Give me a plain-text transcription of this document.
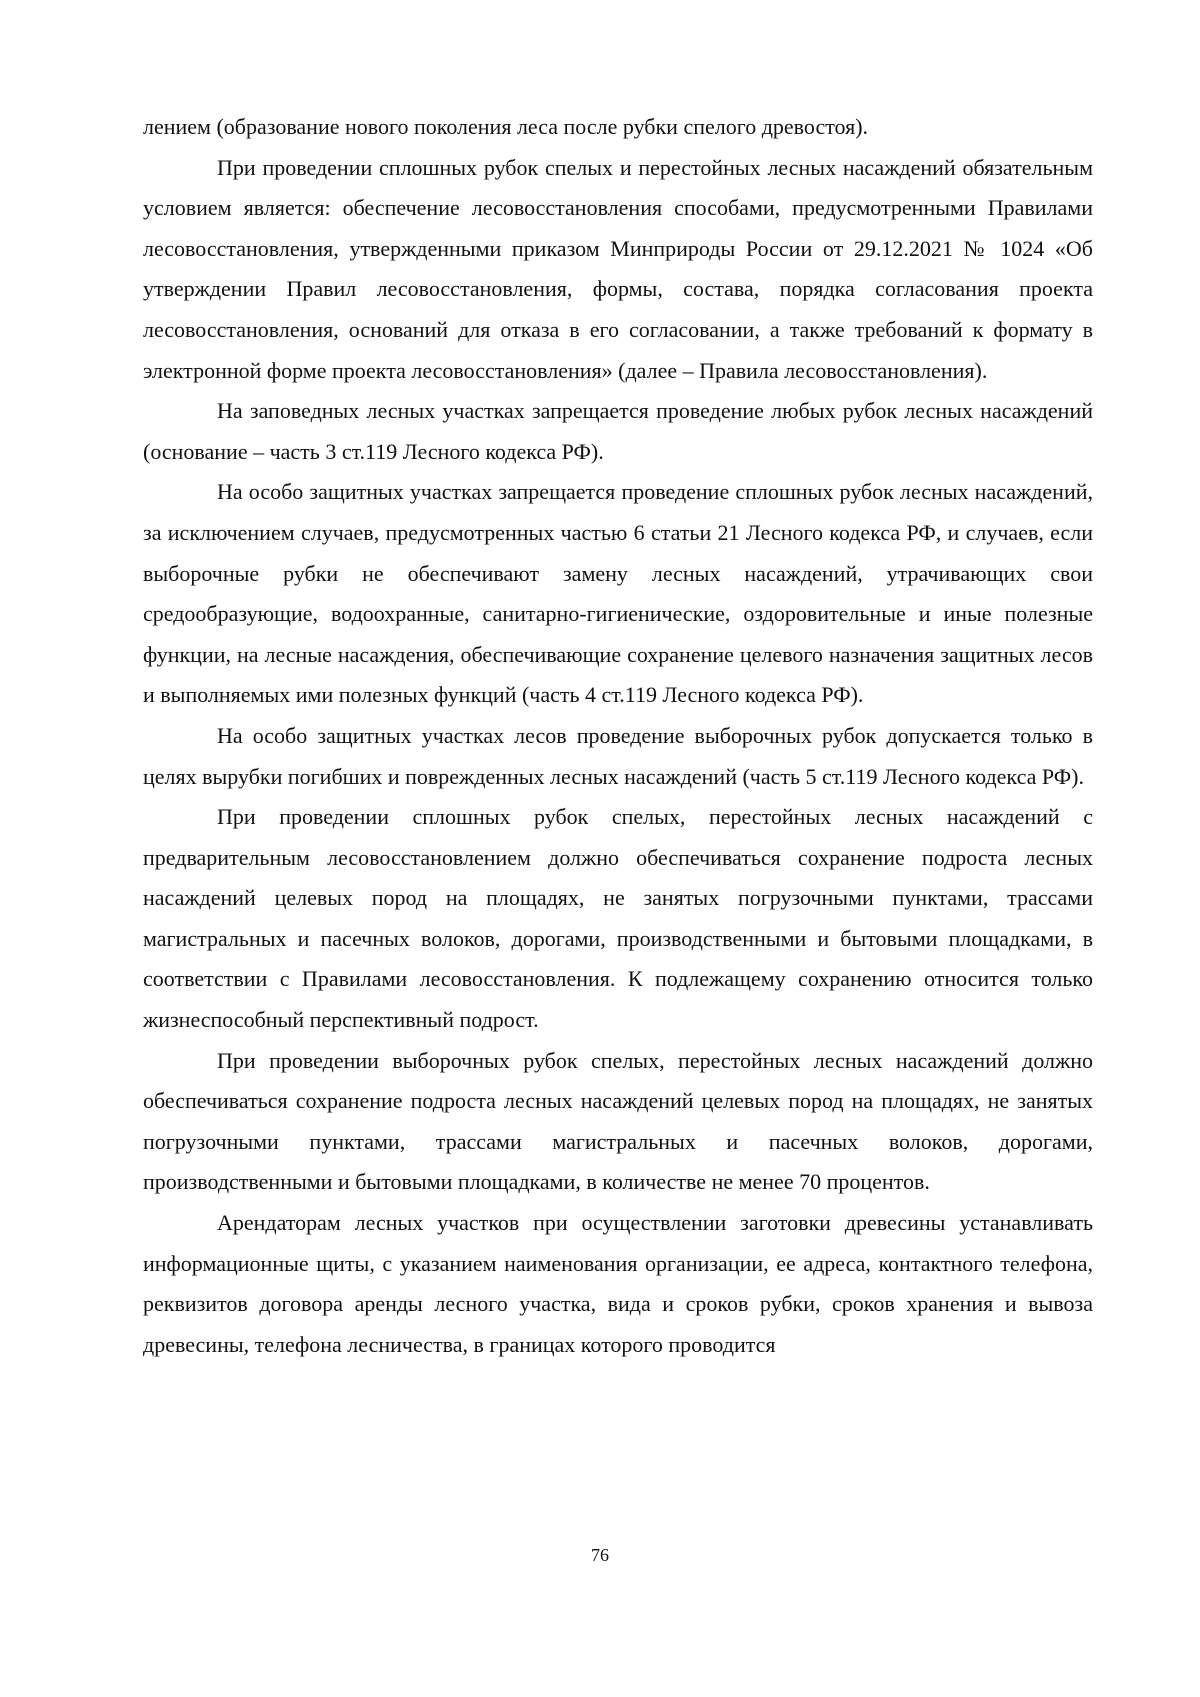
лением (образование нового поколения леса после рубки спелого древостоя).

При проведении сплошных рубок спелых и перестойных лесных насаждений обязательным условием является: обеспечение лесовосстановления способами, предусмотренными Правилами лесовосстановления, утвержденными приказом Минприроды России от 29.12.2021 № 1024 «Об утверждении Правил лесовосстановления, формы, состава, порядка согласования проекта лесовосстановления, оснований для отказа в его согласовании, а также требований к формату в электронной форме проекта лесовосстановления» (далее – Правила лесовосстановления).

На заповедных лесных участках запрещается проведение любых рубок лесных насаждений (основание – часть 3 ст.119 Лесного кодекса РФ).

На особо защитных участках запрещается проведение сплошных рубок лесных насаждений, за исключением случаев, предусмотренных частью 6 статьи 21 Лесного кодекса РФ, и случаев, если выборочные рубки не обеспечивают замену лесных насаждений, утрачивающих свои средообразующие, водоохранные, санитарно-гигиенические, оздоровительные и иные полезные функции, на лесные насаждения, обеспечивающие сохранение целевого назначения защитных лесов и выполняемых ими полезных функций (часть 4 ст.119 Лесного кодекса РФ).

На особо защитных участках лесов проведение выборочных рубок допускается только в целях вырубки погибших и поврежденных лесных насаждений (часть 5 ст.119 Лесного кодекса РФ).

При проведении сплошных рубок спелых, перестойных лесных насаждений с предварительным лесовосстановлением должно обеспечиваться сохранение подроста лесных насаждений целевых пород на площадях, не занятых погрузочными пунктами, трассами магистральных и пасечных волоков, дорогами, производственными и бытовыми площадками, в соответствии с Правилами лесовосстановления. К подлежащему сохранению относится только жизнеспособный перспективный подрост.

При проведении выборочных рубок спелых, перестойных лесных насаждений должно обеспечиваться сохранение подроста лесных насаждений целевых пород на площадях, не занятых погрузочными пунктами, трассами магистральных и пасечных волоков, дорогами, производственными и бытовыми площадками, в количестве не менее 70 процентов.

Арендаторам лесных участков при осуществлении заготовки древесины устанавливать информационные щиты, с указанием наименования организации, ее адреса, контактного телефона, реквизитов договора аренды лесного участка, вида и сроков рубки, сроков хранения и вывоза древесины, телефона лесничества, в границах которого проводится

76
